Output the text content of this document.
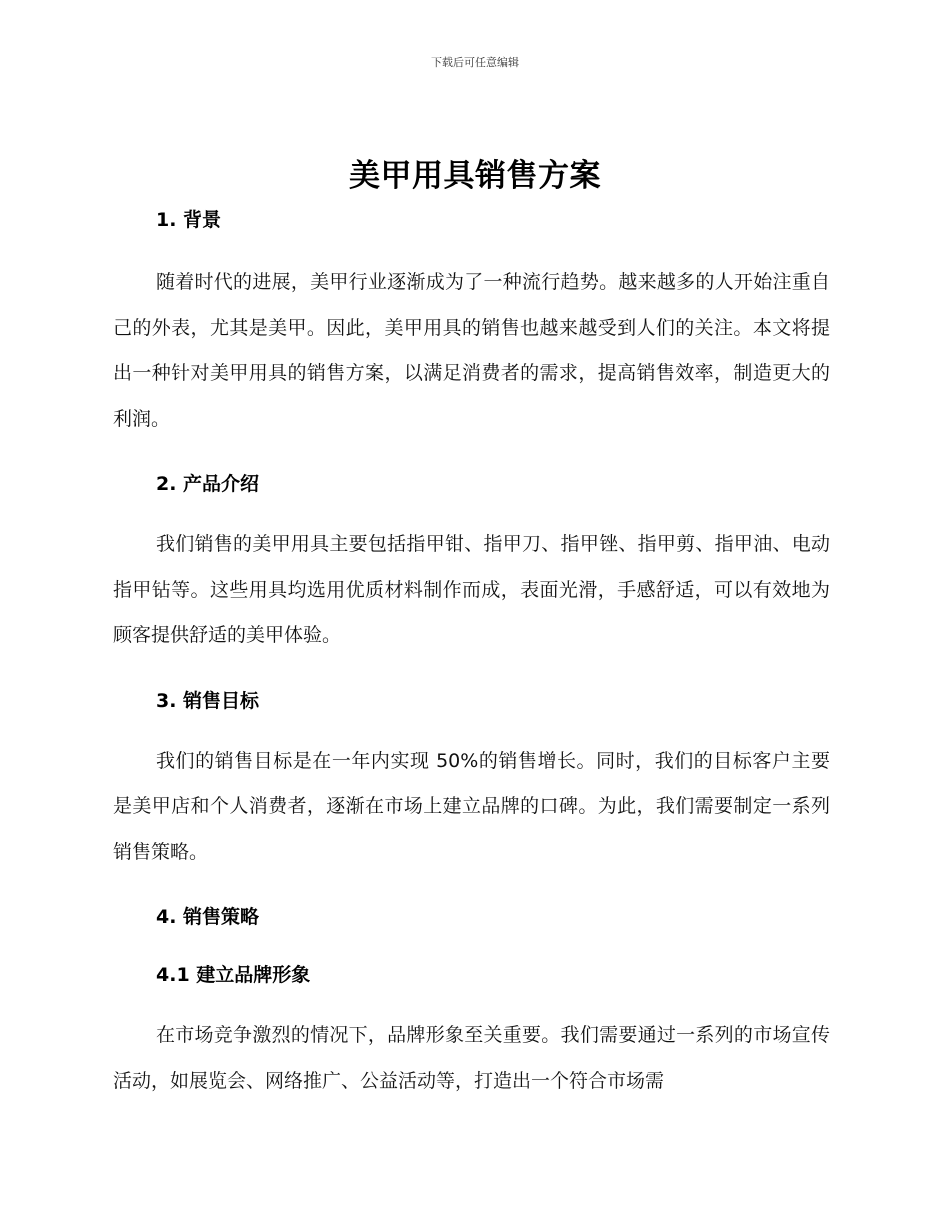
下载后可任意编辑
美甲用具销售方案
1. 背景

随着时代的进展，美甲行业逐渐成为了一种流行趋势。越来越多的人开始注重自己的外表，尤其是美甲。因此，美甲用具的销售也越来越受到人们的关注。本文将提出一种针对美甲用具的销售方案，以满足消费者的需求，提高销售效率，制造更大的利润。

2. 产品介绍

我们销售的美甲用具主要包括指甲钳、指甲刀、指甲锉、指甲剪、指甲油、电动指甲钻等。这些用具均选用优质材料制作而成，表面光滑，手感舒适，可以有效地为顾客提供舒适的美甲体验。

3. 销售目标

我们的销售目标是在一年内实现 50%的销售增长。同时，我们的目标客户主要是美甲店和个人消费者，逐渐在市场上建立品牌的口碑。为此，我们需要制定一系列销售策略。

4. 销售策略
4.1 建立品牌形象

在市场竞争激烈的情况下，品牌形象至关重要。我们需要通过一系列的市场宣传活动，如展览会、网络推广、公益活动等，打造出一个符合市场需
